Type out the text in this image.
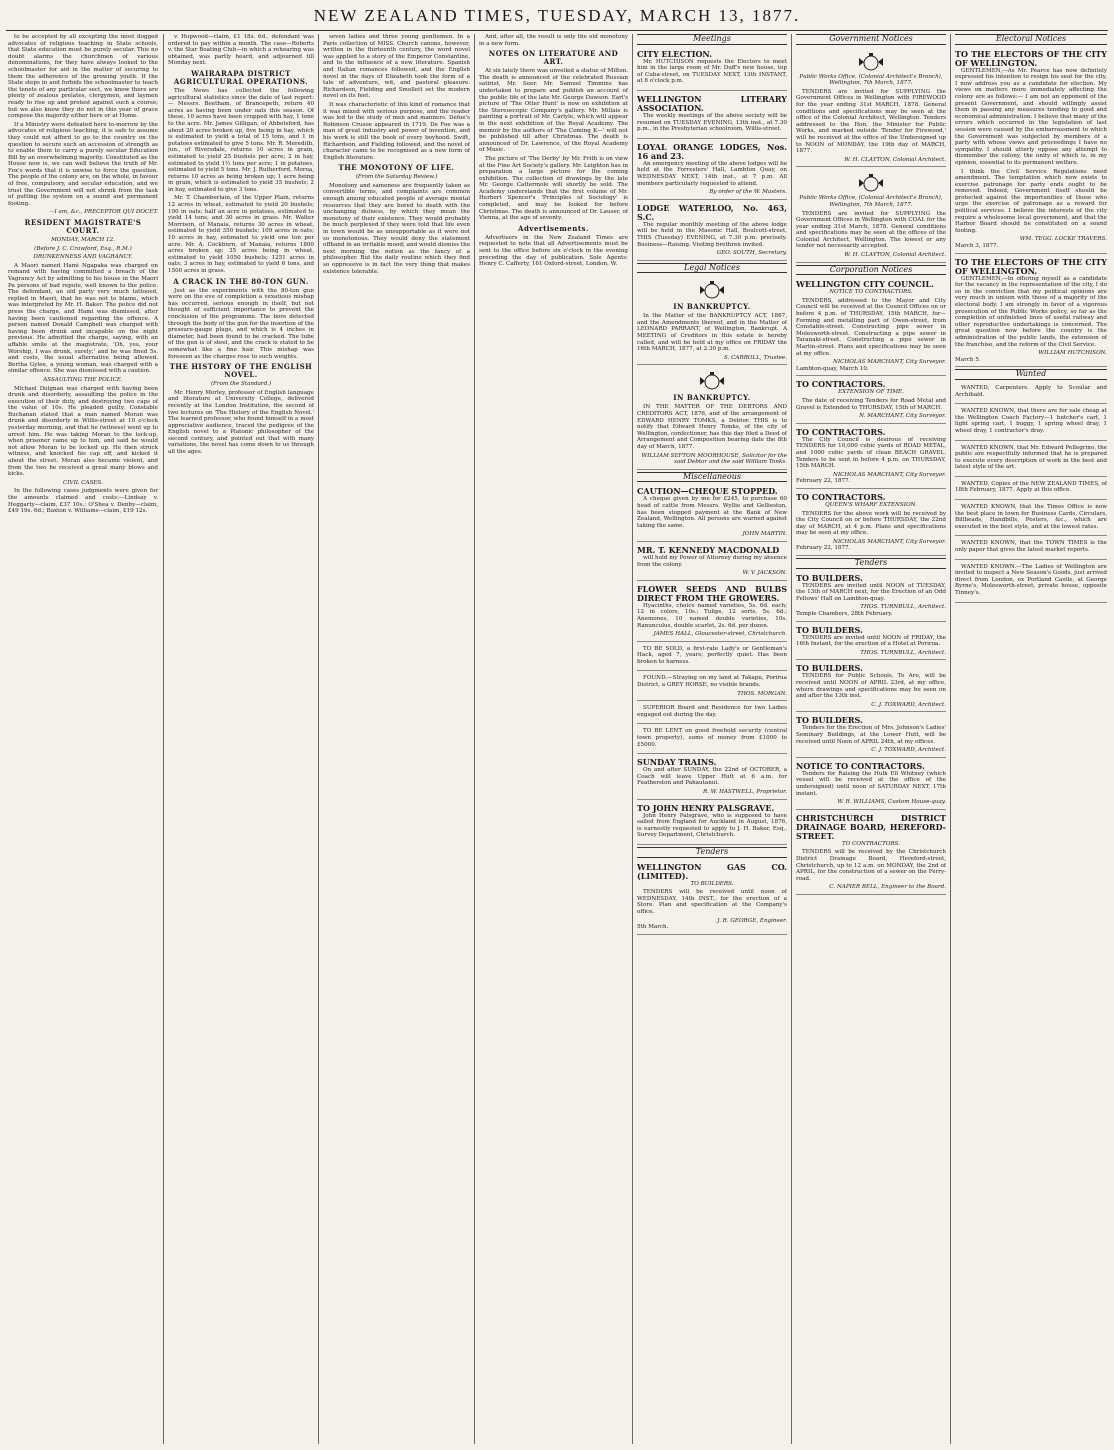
NEW ZEALAND TIMES, TUESDAY, MARCH 13, 1877.

to be accepted by all excepting the most dogged advocates of religious teaching in State schools, that State education must be purely secular. This no doubt alarms the churchmen of various denominations, for they have always looked to the schoolmaster for aid in the matter of securing to them the adherence of the growing youth. If the State steps in and forbids the schoolmaster to teach the tenets of any particular sect, we know there are plenty of zealous prelates, clergymen, and laymen ready to rise up and protest against such a course; but we also know they do not in this year of grace compose the majority either here or at Home.

If a Ministry were defeated here to-morrow by the advocates of religious teaching, it is safe to assume they could not afford to go to the country on the question to secure such an accession of strength as to enable them to carry a purely secular Education Bill by an overwhelming majority. Constituted as the House now is, we can well believe the truth of Mr. Fox's words that it is unwise to force the question. The people of the colony are, on the whole, in favour of free, compulsory, and secular education, and we trust the Government will not shrink from the task of putting the system on a sound and permanent footing.

—I am, &c., PRECEPTOR QUI DOCET.

RESIDENT MAGISTRATE'S COURT.
MONDAY, MARCH 12.
(Before J. C. Crawford, Esq., R.M.)
DRUNKENNESS AND VAGRANCY.

A Maori named Hami Ngapaka was charged on remand with having committed a breach of the Vagrancy Act by admitting to his house in the Maori Pa persons of bad repute, well known to the police. The defendant, an old party very much tattooed, replied in Maori, that he was not to blame, which was interpreted by Mr. H. Baker. The police did not press the charge, and Hami was dismissed, after having been cautioned regarding the offence. A person named Donald Campbell was charged with having been drunk and incapable on the night previous. He admitted the charge, saying, with an affable smile at the magistrate, 'Oh, yes, your Worship, I was drunk, surely;' and he was fined 5s. and costs, the usual alternative being allowed. Bertha Gylee, a young woman, was charged with a similar offence. She was dismissed with a caution.

ASSAULTING THE POLICE.

Michael Dolgnan was charged with having been drunk and disorderly, assaulting the police in the execution of their duty, and destroying two caps of the value of 10s. He pleaded guilty. Constable Buchanan stated that a man named Moran was drunk and disorderly in Willis-street at 10 o'clock yesterday morning, and that he (witness) went up to arrest him. He was taking Moran to the lock-up, when prisoner came up to him, and said he would not allow Moran to be locked up. He then struck witness, and knocked his cap off, and kicked it about the street. Moran also became violent, and from the two he received a great many blows and kicks.

CIVIL CASES.

In the following cases judgments were given for the amounts claimed and costs:—Lindsay v. Heggarty—claim, £37 10s.; O'Shea v. Denby—claim, £49 19s. 6d.; Baxton v. Williams—claim, £19 12s.

v. Hopwood—claim, £1 18s. 6d., defendant was ordered to pay within a month. The case—Roberts v. the Star Boating Club—in which a rehearing was obtained, was partly heard, and adjourned till Monday next.

WAIRARAPA DISTRICT AGRICULTURAL OPERATIONS.

The News has collected the following agricultural statistics since the date of last report:— Messrs. Beetham, of Brancepeth, return 40 acres as having been under oats this season. Of these, 10 acres have been cropped with hay, 1 tone to the acre. Mr. James Gilligan, of Abbotsford, has about 20 acres broken up, five being in hay, which is estimated to yield a total of 15 tons, and 1 in potatoes estimated to give 5 tons. Mr. R. Meredith, jun., of Riversdale, returns 10 acres in grain, estimated to yield 25 bushels per acre; 2 in hay, estimated to yield 1½ tons per acre; 1 in potatoes, estimated to yield 5 tons. Mr. J. Rutherford, Moroa, returns 10 acres as being broken up; 1 acre being in grain, which is estimated to yield 35 bushels; 2 in hay, estimated to give 3 tons.

Mr. T. Chamberlain, of the Upper Plain, returns 12 acres in wheat, estimated to yield 20 bushels; 100 in oats; half an acre in potatoes, estimated to yield 14 tons, and 30 acres in grass. Mr. Walter Morrison, of Manaia, returns 30 acres in wheat, estimated to yield 350 bushels; 109 acres in oats; 10 acres in hay, estimated to yield one ton per acre. Mr. A. Cockburn, of Manaia, returns 1800 acres broken up; 35 acres being in wheat, estimated to yield 1050 bushels; 1251 acres in oats; 3 acres in hay, estimated to yield 6 tons, and 1500 acres in grass.

A CRACK IN THE 80-TON GUN.

Just as the experiments with the 80-ton gun were on the eve of completion a vexatious mishap has occurred, serious enough in itself, but not thought of sufficient importance to prevent the conclusion of the programme. The bore detected through the body of the gun for the insertion of the pressure-gauge plugs, and which is 4 inches in diameter, had been found to be cracked. The tube of the gun is of steel, and the crack is stated to be somewhat like a fine hair. This mishap was foreseen as the charges rose to such weights.

THE HISTORY OF THE ENGLISH NOVEL.
(From the Standard.)

Mr. Henry Morley, professor of English language and literature at University College, delivered recently at the London Institution, the second of two lectures on 'The History of the English Novel.' The learned professor, who found himself in a most appreciative audience, traced the pedigree of the English novel to a Platonic philosopher of the second century, and pointed out that with many variations, the novel has come down to us through all the ages.

seven ladies and three young gentlemen. In a Paris collection of MISS. Church canons, however, written in the thirteenth century, the word novel was applied to a story of the Emperor Constantine, and to the influence of a new literature. Spanish and Italian romances followed, and the English novel in the days of Elizabeth took the form of a tale of adventure, wit, and pastoral pleasure. Richardson, Fielding and Smollett set the modern novel on its feet.

It was characteristic of this kind of romance that it was mixed with serious purpose, and the reader was led to the study of men and manners. Defoe's Robinson Crusoe appeared in 1719. De Foe was a man of great industry and power of invention, and his work is still the book of every boyhood. Swift, Richardson, and Fielding followed, and the novel of character came to be recognised as a new form of English literature.

THE MONOTONY OF LIFE.
(From the Saturday Review.)

Monotony and sameness are frequently taken as convertible terms, and complaints are common enough among educated people of average mental resources that they are bored to death with the unchanging dulness, by which they mean the monotony of their existence. They would probably be much perplexed if they were told that life even in town would be as unsupportable as it were not so monotonous. They would deny the statement offhand in an irritable mood; and would dismiss the next morning the notion as the fancy of a philosopher. But the daily routine which they find so oppressive is in fact the very thing that makes existence tolerable.

And, after all, the result is only the old monotony in a new form.

NOTES ON LITERATURE AND ART.

At six lately there was unveiled a statue of Milton. The death is announced of the celebrated Russian satirist, Mr. Seer. Mr. Samuel Timmins has undertaken to prepare and publish an account of the public life of the late Mr. George Dawson. Earl's picture of 'The Otter Hunt' is now on exhibition at the Stereoscopic Company's gallery. Mr. Millais is painting a portrait of Mr. Carlyle, which will appear in the next exhibition of the Royal Academy. The memoir by the authors of 'The Coming K—' will not be published till after Christmas. The death is announced of Dr. Lawrence, of the Royal Academy of Music.

The picture of 'The Derby' by Mr. Frith is on view at the Fine Art Society's gallery. Mr. Leighton has in preparation a large picture for the coming exhibition. The collection of drawings by the late Mr. George Cattermole will shortly be sold. The Academy understands that the first volume of Mr. Herbert Spencer's 'Principles of Sociology' is completed, and may be looked for before Christmas. The death is announced of Dr. Lauser, of Vienna, at the age of seventy.

Advertisements.

Advertisers in the New Zealand Times are requested to note that all Advertisements must be sent to the office before six o'clock in the evening preceding the day of publication. Sole Agents: Henry C. Cafferty, 161 Oxford-street, London, W.

Meetings
CITY ELECTION.

Mr. HUTCHISON requests the Electors to meet him in the large room of Mr. Duff's new house, top of Cuba-street, on TUESDAY NEXT, 13th INSTANT, at 8 o'clock p.m.

WELLINGTON LITERARY ASSOCIATION.

The weekly meetings of the above society will be resumed on TUESDAY EVENING, 13th inst., at 7.30 p.m., in the Presbyterian schoolroom, Willis-street.

LOYAL ORANGE LODGES, Nos. 16 and 23.

An emergency meeting of the above lodges will be held at the Forresters' Hall, Lambton Quay, on WEDNESDAY NEXT, 14th inst., at 7 p.m. All members particularly requested to attend.

By order of the W. Masters.
LODGE WATERLOO, No. 463, S.C.

The regular monthly meeting of the above lodge will be held in the Masonic Hall, Boulcott-street, THIS (Tuesday) EVENING, at 7.30 p.m. precisely. Business—Raising. Visiting brethren invited.

GEO. SOUTH, Secretary.
Legal Notices
IN BANKRUPTCY.

In the Matter of the BANKRUPTCY ACT, 1867, and the Amendments thereof, and in the Matter of LEONARD PARRANT, of Wellington, Bankrupt. A MEETING of Creditors in this estate is hereby called, and will be held at my office on FRIDAY the 16th MARCH, 1877, at 2.30 p.m.

S. CARROLL, Trustee.
IN BANKRUPTCY.

IN THE MATTER OF THE DEBTORS AND CREDITORS ACT, 1876, and of the arrangement of EDWARD HENRY TOMKS, a Debtor. THIS is to notify that Edward Henry Tomks, of the city of Wellington, confectioner, has this day filed a Deed of Arrangement and Composition bearing date the 8th day of March, 1877.

WILLIAM SEFTON MOORHOUSE, Solicitor for the said Debtor and the said William Tonks.
Miscellaneous
CAUTION—CHEQUE STOPPED.

A cheque given by me for £245, to purchase 60 head of cattle from Messrs. Wyllie and Gellieston, has been stopped payment at the Bank of New Zealand, Wellington. All persons are warned against taking the same.

JOHN MARTIN.
MR. T. KENNEDY MACDONALD

will hold my Power of Attorney during my absence from the colony.

W. V. JACKSON.
FLOWER SEEDS AND BULBS DIRECT FROM THE GROWERS.

Hyacinths, choice named varieties, 5s. 6d. each; 12 in colors, 10s.; Tulips, 12 sorts, 5s. 6d.; Anemones, 10 named double varieties, 10s. Ranunculus, double scarlet, 2s. 6d. per dozen.

JAMES HALL, Gloucester-street, Christchurch.

TO BE SOLD, a first-rate Lady's or Gentleman's Hack, aged 7, years; perfectly quiet. Has been broken to harness.

FOUND.—Straying on my land at Takapu, Porirua District, a GREY HORSE, no visible brands.

THOS. MORGAN.

SUPERIOR Board and Residence for two Ladies engaged out during the day.

TO BE LENT on good freehold security (central town property), sums of money from £1000 to £5000.

SUNDAY TRAINS.

On and after SUNDAY, the 22nd of OCTOBER, a Coach will leave Upper Hutt at 6 a.m. for Featherston and Pahautanui.

R. W. HASTWELL, Proprietor.
TO JOHN HENRY PALSGRAVE.

John Henry Palsgrave, who is supposed to have sailed from England for Auckland in August, 1876, is earnestly requested to apply to J. H. Baker, Esq., Survey Department, Christchurch.

Tenders
WELLINGTON GAS CO. (LIMITED).
TO BUILDERS.

TENDERS will be received until noon of WEDNESDAY, 14th INST., for the erection of a Store. Plan and specification at the Company's office.

J. R. GEORGE, Engineer.
5th March.
Government Notices
Public Works Office, (Colonial Architect's Branch), Wellington, 7th March, 1877.

TENDERS are invited for SUPPLYING the Government Offices in Wellington with FIREWOOD for the year ending 31st MARCH, 1878. General conditions and specifications may be seen at the office of the Colonial Architect, Wellington. Tenders addressed to the Hon. the Minister for Public Works, and marked outside 'Tender for Firewood,' will be received at the office of the Undersigned up to NOON of MONDAY, the 19th day of MARCH, 1877.

W. H. CLAYTON, Colonial Architect.
Public Works Office, (Colonial Architect's Branch), Wellington, 7th March, 1877.

TENDERS are invited for SUPPLYING the Government Offices in Wellington with COAL for the year ending 31st March, 1878. General conditions and specifications may be seen at the offices of the Colonial Architect, Wellington. The lowest or any tender not necessarily accepted.

W. H. CLAYTON, Colonial Architect.
Corporation Notices
WELLINGTON CITY COUNCIL.
NOTICE TO CONTRACTORS.

TENDERS, addressed to the Mayor and City Council will be received at the Council Offices on or before 4 p.m. of THURSDAY, 15th MARCH, for— Forming and metalling part of Owen-street, from Constable-street. Constructing pipe sewer in Molesworth-street. Constructing a pipe sewer in Taranaki-street. Constructing a pipe sewer in Martin-street. Plans and specifications may be seen at my office.

NICHOLAS MARCHANT, City Surveyor.
Lambton-quay, March 10.
TO CONTRACTORS.
EXTENSION OF TIME.

The date of receiving Tenders for Road Metal and Gravel is Extended to THURSDAY, 15th of MARCH.

N. MARCHANT, City Surveyor.
TO CONTRACTORS.

The City Council is desirous of receiving TENDERS for 10,000 cubic yards of ROAD METAL, and 1000 cubic yards of clean BEACH GRAVEL. Tenders to be sent in before 4 p.m. on THURSDAY, 15th MARCH.

NICHOLAS MARCHANT, City Surveyor.
February 22, 1877.
TO CONTRACTORS.
QUEEN'S WHARF EXTENSION.

TENDERS for the above work will be received by the City Council on or before THURSDAY, the 22nd day of MARCH, at 4 p.m. Plans and specifications may be seen at my office.

NICHOLAS MARCHANT, City Surveyor.
February 22, 1877.
Tenders
TO BUILDERS.

TENDERS are invited until NOON of TUESDAY, the 13th of MARCH next, for the Erection of an Odd Fellows' Hall on Lambton-quay.

THOS. TURNBULL, Architect.
Temple Chambers, 28th February.
TO BUILDERS.

TENDERS are invited until NOON of FRIDAY, the 16th Instant, for the erection of a Hotel at Porirua.

THOS. TURNBULL, Architect.
TO BUILDERS.

TENDERS for Public Schools, Te Aro, will be received until NOON of APRIL 23rd, at my office, where drawings and specifications may be seen on and after the 13th inst.

C. J. TOXWARD, Architect.
TO BUILDERS.

Tenders for the Erection of Mrs. Johnson's Ladies' Seminary Buildings, at the Lower Hutt, will be received until Noon of APRIL 24th, at my offices.

C. J. TOXWARD, Architect.
NOTICE TO CONTRACTORS.

Tenders for Raising the Hulk Ell Whitney (which vessel will be received at the office of the undersigned) until noon of SATURDAY NEXT, 17th instant.

W. R. WILLIAMS, Custom House-quay.
CHRISTCHURCH DISTRICT DRAINAGE BOARD, HEREFORD-STREET.
TO CONTRACTORS.

TENDERS will be received by the Christchurch District Drainage Board, Hereford-street, Christchurch, up to 12 a.m. on MONDAY, the 2nd of APRIL, for the construction of a sewer on the Ferry-road.

C. NAPIER BELL, Engineer to the Board.
Electoral Notices
TO THE ELECTORS OF THE CITY OF WELLINGTON.

GENTLEMEN,—As Mr. Pearce has now definitely expressed his intention to resign his seat for the city, I now address you as a candidate for election. My views on matters more immediately affecting the colony are as follows:— I am not an opponent of the present Government, and should willingly assist them in passing any measures tending to good and economical administration. I believe that many of the errors which occurred in the legislation of last session were caused by the embarrassment to which the Government was subjected by members of a party with whose views and proceedings I have no sympathy. I should utterly oppose any attempt to dismember the colony, the unity of which is, in my opinion, essential to its permanent welfare.

I think the Civil Service Regulations need amendment. The temptation which now exists to exercise patronage for party ends ought to be removed. Indeed, Government itself should be protected against the importunities of those who urge the exercise of patronage as a reward for political services. I believe the interests of the city require a wholesome local government, and that the Harbor Board should be constituted on a sound footing.

WM. TEGG. LOCKE TRAVERS.
March 3, 1877.
TO THE ELECTORS OF THE CITY OF WELLINGTON.

GENTLEMEN,—In offering myself as a candidate for the vacancy in the representation of the city, I do so in the conviction that my political opinions are very much in unison with those of a majority of the electoral body. I am strongly in favor of a vigorous prosecution of the Public Works policy, so far as the completion of unfinished lines of useful railway and other reproductive undertakings is concerned. The great question now before the country is the administration of the public lands, the extension of the franchise, and the reform of the Civil Service.

WILLIAM HUTCHISON.
March 5.
Wanted

WANTED, Carpenters. Apply to Scoular and Archibald.

WANTED KNOWN, that there are for sale cheap at the Wellington Coach Factory—1 butcher's cart, 1 light spring cart, 1 buggy, 1 spring wheel dray, 1 wheel dray, 1 contractor's dray.

WANTED KNOWN, that Mr. Edward Pellegrino, the public are respectfully informed that he is prepared to execute every description of work in the best and latest style of the art.

WANTED, Copies of the NEW ZEALAND TIMES, of 18th February, 1877. Apply at this office.

WANTED KNOWN, that the Times Office is now the best place in town for Business Cards, Circulars, Billheads, Handbills, Posters, &c., which are executed in the best style, and at the lowest rates.

WANTED KNOWN, that the TOWN TIMES is the only paper that gives the latest market reports.

WANTED KNOWN.—The Ladies of Wellington are invited to inspect a New Season's Goods, just arrived direct from London, ex Portland Castle, at George Byrne's, Molesworth-street, private house, opposite Tinney's.
